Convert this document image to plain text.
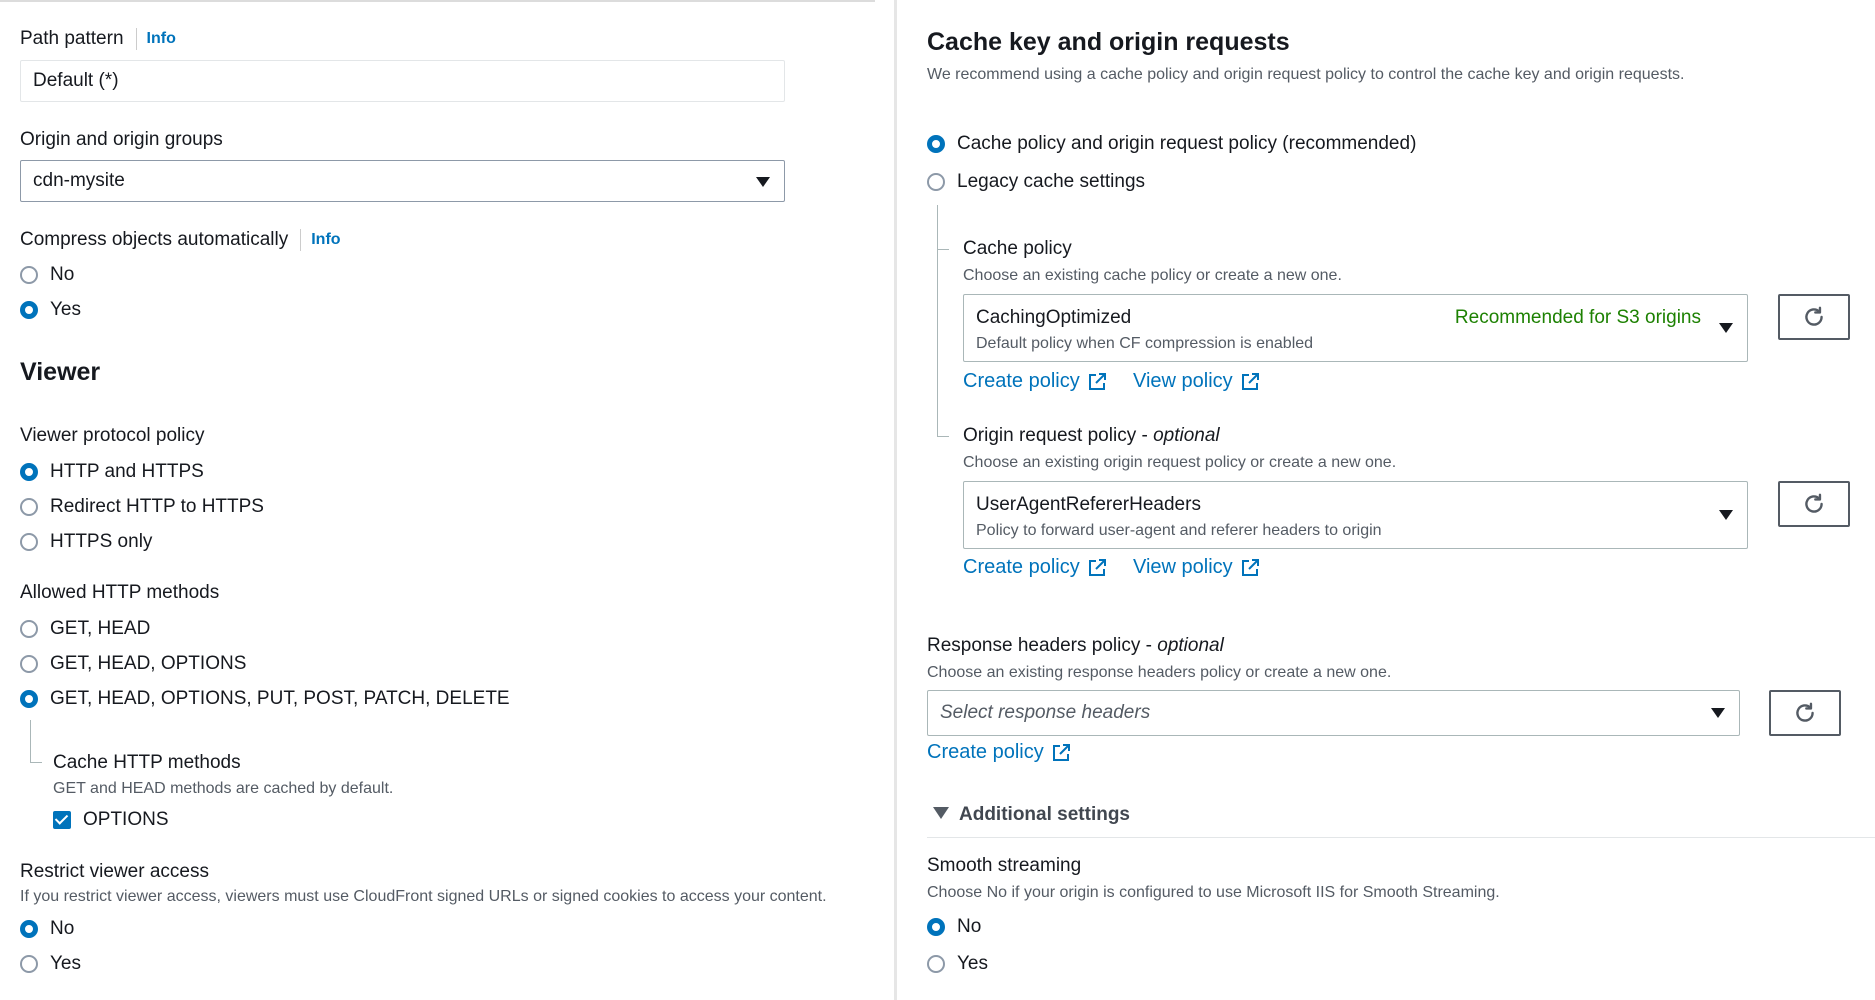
Path pattern Info
Default (*)
Origin and origin groups
cdn-mysite
Compress objects automatically Info
No
Yes
Viewer
Viewer protocol policy
HTTP and HTTPS
Redirect HTTP to HTTPS
HTTPS only
Allowed HTTP methods
GET, HEAD
GET, HEAD, OPTIONS
GET, HEAD, OPTIONS, PUT, POST, PATCH, DELETE
Cache HTTP methods
GET and HEAD methods are cached by default.
OPTIONS
Restrict viewer access
If you restrict viewer access, viewers must use CloudFront signed URLs or signed cookies to access your content.
No
Yes
Cache key and origin requests
We recommend using a cache policy and origin request policy to control the cache key and origin requests.
Cache policy and origin request policy (recommended)
Legacy cache settings
Cache policy
Choose an existing cache policy or create a new one.
CachingOptimized
Default policy when CF compression is enabled
Recommended for S3 origins
Create policy	View policy
Origin request policy - optional
Choose an existing origin request policy or create a new one.
UserAgentRefererHeaders
Policy to forward user-agent and referer headers to origin
Create policy	View policy
Response headers policy - optional
Choose an existing response headers policy or create a new one.
Select response headers
Create policy
Additional settings
Smooth streaming
Choose No if your origin is configured to use Microsoft IIS for Smooth Streaming.
No
Yes
